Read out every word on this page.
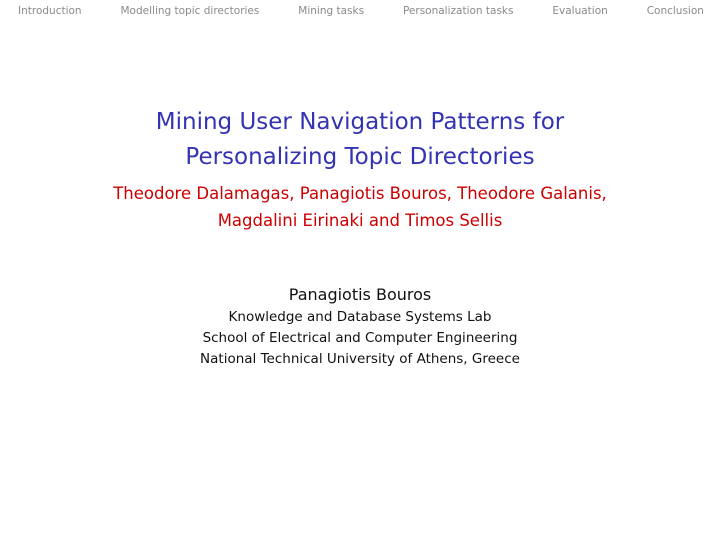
Introduction	Modelling topic directories	Mining tasks	Personalization tasks	Evaluation	Conclusion
Mining User Navigation Patterns for
Personalizing Topic Directories
Theodore Dalamagas, Panagiotis Bouros, Theodore Galanis,
Magdalini Eirinaki and Timos Sellis
Panagiotis Bouros
Knowledge and Database Systems Lab
School of Electrical and Computer Engineering
National Technical University of Athens, Greece
